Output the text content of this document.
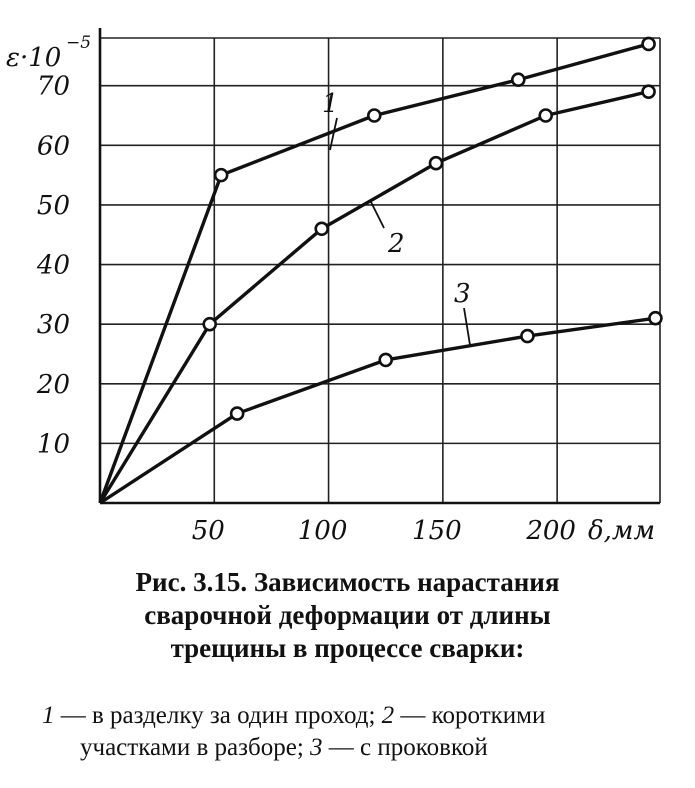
10
20
30
40
50
60
70
50	100 150 200
ε·10 −5
δ,мм
1
2
3
Рис. 3.15. Зависимость нарастания
сварочной деформации от длины
трещины в процессе сварки:
1 — в разделку за один проход; 2 — короткими
участками в разборе; 3 — с проковкой
